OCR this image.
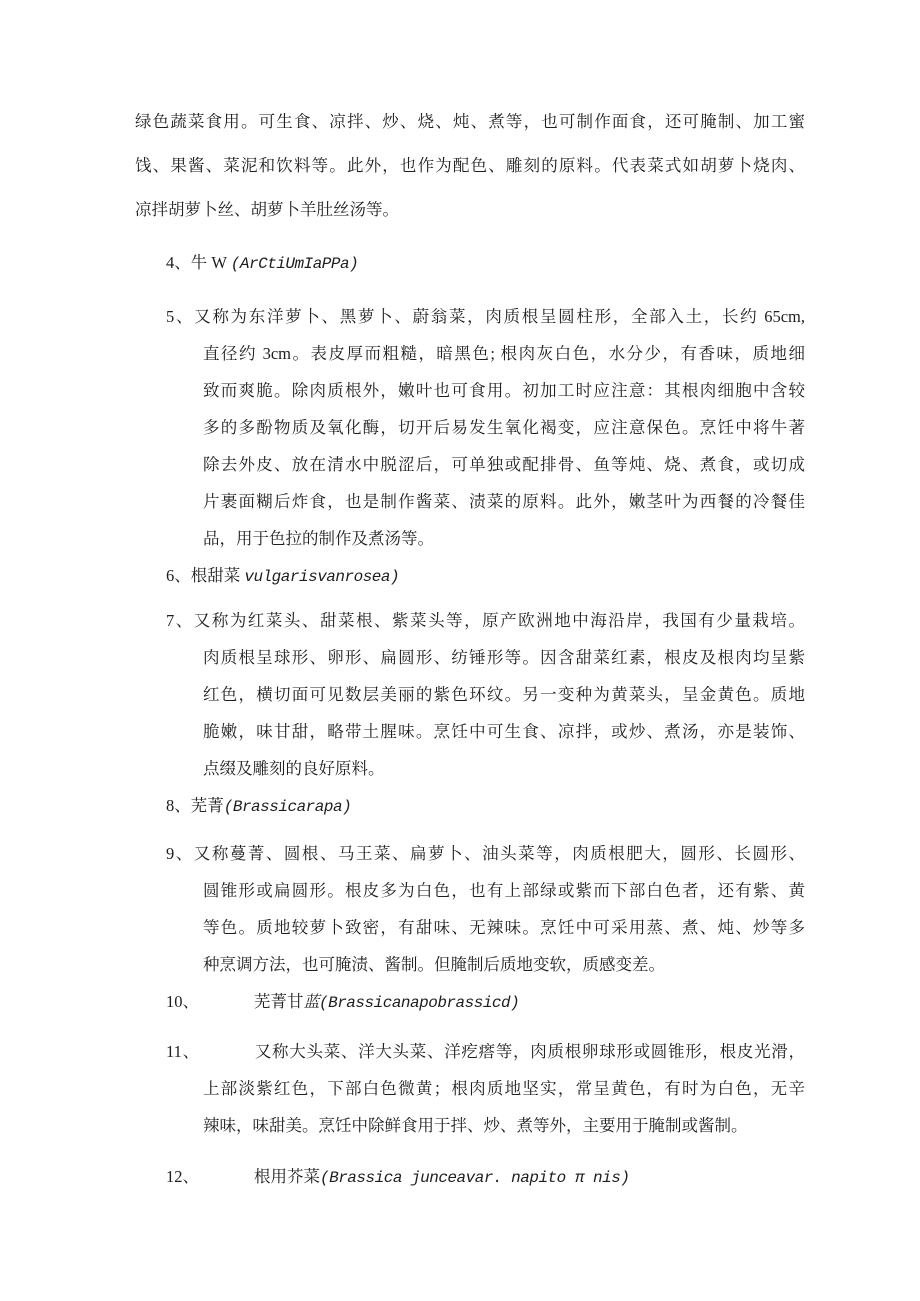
绿色蔬菜食用。可生食、凉拌、炒、烧、炖、煮等，也可制作面食，还可腌制、加工蜜
饯、果酱、菜泥和饮料等。此外，也作为配色、雕刻的原料。代表菜式如胡萝卜烧肉、
凉拌胡萝卜丝、胡萝卜羊肚丝汤等。
4、牛 W (ArCtiUmIaPPa)
5、又称为东洋萝卜、黑萝卜、蔚翁菜，肉质根呈圆柱形，全部入土，长约 65cm,
直径约 3cm。表皮厚而粗糙，暗黑色; 根肉灰白色，水分少，有香味，质地细
致而爽脆。除肉质根外，嫩叶也可食用。初加工时应注意：其根肉细胞中含较
多的多酚物质及氧化酶，切开后易发生氧化褐变，应注意保色。烹饪中将牛著
除去外皮、放在清水中脱涩后，可单独或配排骨、鱼等炖、烧、煮食，或切成
片裹面糊后炸食，也是制作酱菜、渍菜的原料。此外，嫩茎叶为西餐的冷餐佳
品，用于色拉的制作及煮汤等。
6、根甜菜 vulgarisvanrosea)
7、又称为红菜头、甜菜根、紫菜头等，原产欧洲地中海沿岸，我国有少量栽培。
肉质根呈球形、卵形、扁圆形、纺锤形等。因含甜菜红素，根皮及根肉均呈紫
红色，横切面可见数层美丽的紫色环纹。另一变种为黄菜头，呈金黄色。质地
脆嫩，味甘甜，略带土腥味。烹饪中可生食、凉拌，或炒、煮汤，亦是装饰、
点缀及雕刻的良好原料。
8、芜菁(Brassicarapa)
9、又称蔓菁、圆根、马王菜、扁萝卜、油头菜等，肉质根肥大，圆形、长圆形、
圆锥形或扁圆形。根皮多为白色，也有上部绿或紫而下部白色者，还有紫、黄
等色。质地较萝卜致密，有甜味、无辣味。烹饪中可采用蒸、煮、炖、炒等多
种烹调方法，也可腌渍、酱制。但腌制后质地变软，质感变差。
10、	芜菁甘蓝(Brassicanapobrassicd)
11、	又称大头菜、洋大头菜、洋疙瘩等，肉质根卵球形或圆锥形，根皮光滑，
上部淡紫红色，下部白色微黄；根肉质地坚实，常呈黄色，有时为白色，无辛
辣味，味甜美。烹饪中除鲜食用于拌、炒、煮等外，主要用于腌制或酱制。
12、	根用芥菜(Brassica junceavar. napito π nis)
